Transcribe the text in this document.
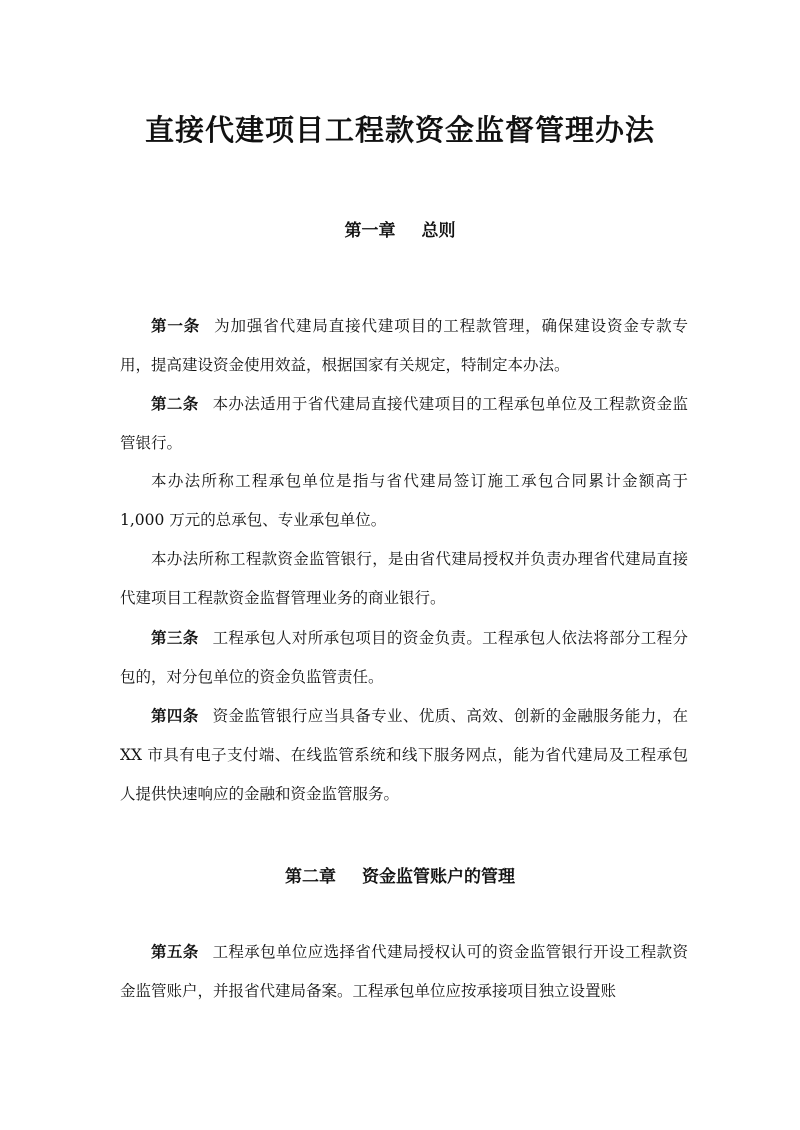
直接代建项目工程款资金监督管理办法
第一章 总则

第一条 为加强省代建局直接代建项目的工程款管理，确保建设资金专款专用，提高建设资金使用效益，根据国家有关规定，特制定本办法。

第二条 本办法适用于省代建局直接代建项目的工程承包单位及工程款资金监管银行。

本办法所称工程承包单位是指与省代建局签订施工承包合同累计金额高于 1,000 万元的总承包、专业承包单位。

本办法所称工程款资金监管银行，是由省代建局授权并负责办理省代建局直接代建项目工程款资金监督管理业务的商业银行。

第三条 工程承包人对所承包项目的资金负责。工程承包人依法将部分工程分包的，对分包单位的资金负监管责任。

第四条 资金监管银行应当具备专业、优质、高效、创新的金融服务能力，在 XX 市具有电子支付端、在线监管系统和线下服务网点，能为省代建局及工程承包人提供快速响应的金融和资金监管服务。

第二章 资金监管账户的管理

第五条 工程承包单位应选择省代建局授权认可的资金监管银行开设工程款资金监管账户，并报省代建局备案。工程承包单位应按承接项目独立设置账
